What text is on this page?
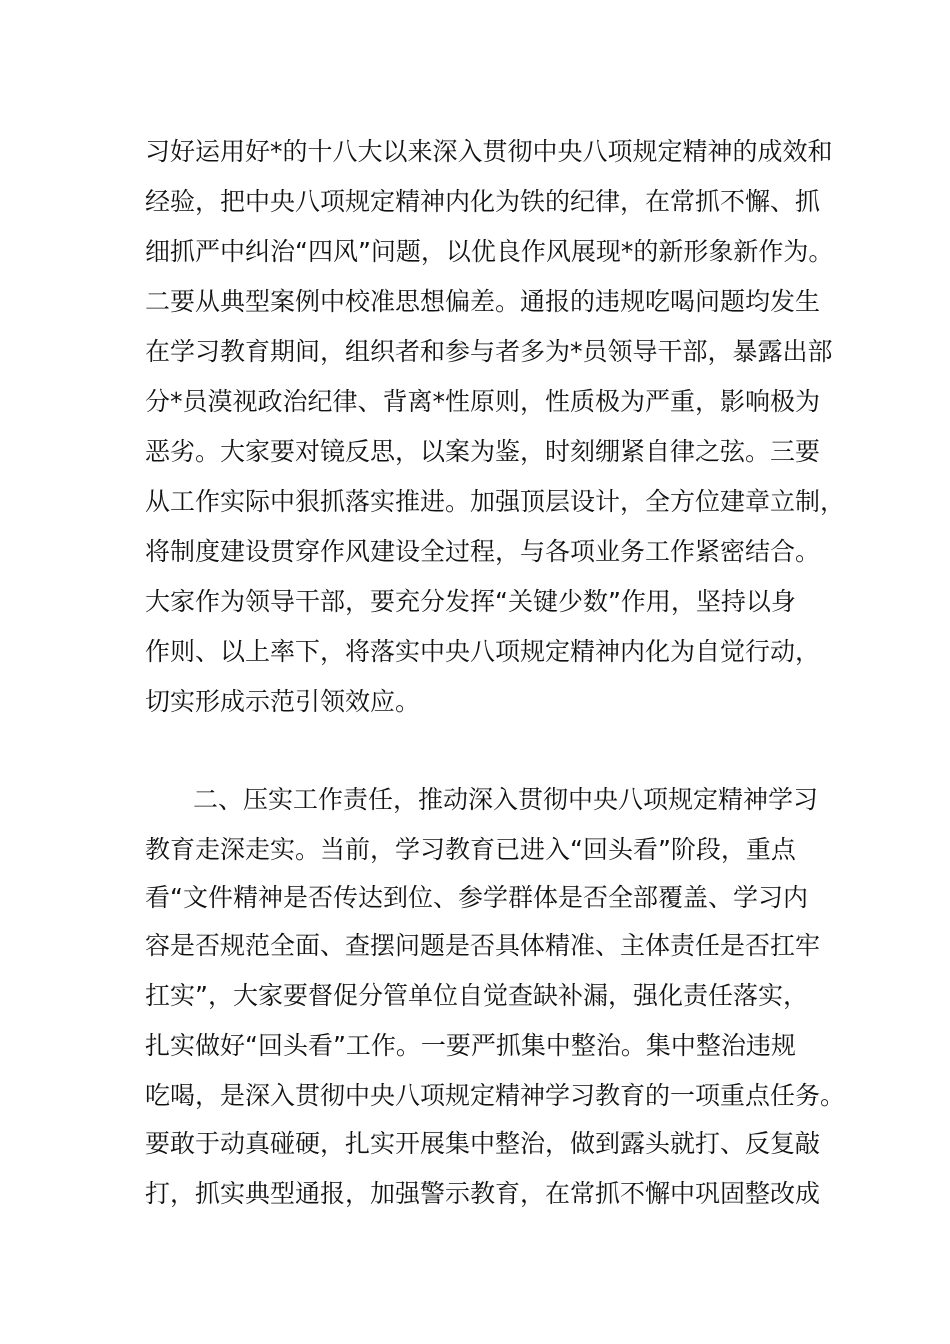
习好运用好*的十八大以来深入贯彻中央八项规定精神的成效和
经验，把中央八项规定精神内化为铁的纪律，在常抓不懈、抓
细抓严中纠治“四风”问题，以优良作风展现*的新形象新作为。
二要从典型案例中校准思想偏差。通报的违规吃喝问题均发生
在学习教育期间，组织者和参与者多为*员领导干部，暴露出部
分*员漠视政治纪律、背离*性原则，性质极为严重，影响极为
恶劣。大家要对镜反思，以案为鉴，时刻绷紧自律之弦。三要
从工作实际中狠抓落实推进。加强顶层设计，全方位建章立制，
将制度建设贯穿作风建设全过程，与各项业务工作紧密结合。
大家作为领导干部，要充分发挥“关键少数”作用，坚持以身
作则、以上率下，将落实中央八项规定精神内化为自觉行动，
切实形成示范引领效应。
二、压实工作责任，推动深入贯彻中央八项规定精神学习
教育走深走实。当前，学习教育已进入“回头看”阶段，重点
看“文件精神是否传达到位、参学群体是否全部覆盖、学习内
容是否规范全面、查摆问题是否具体精准、主体责任是否扛牢
扛实”，大家要督促分管单位自觉查缺补漏，强化责任落实，
扎实做好“回头看”工作。一要严抓集中整治。集中整治违规
吃喝，是深入贯彻中央八项规定精神学习教育的一项重点任务。
要敢于动真碰硬，扎实开展集中整治，做到露头就打、反复敲
打，抓实典型通报，加强警示教育，在常抓不懈中巩固整改成
